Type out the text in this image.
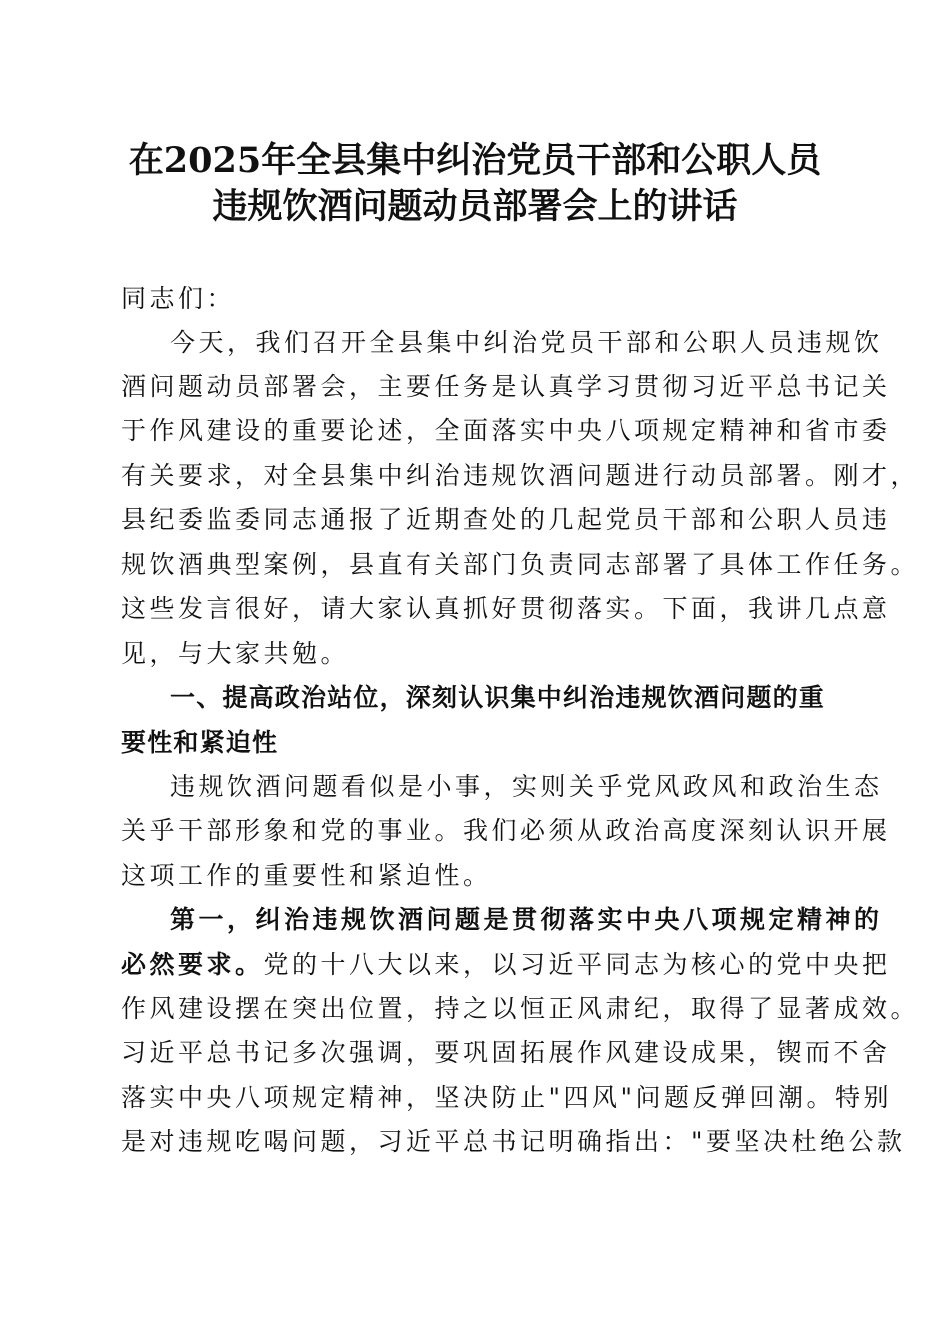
在2025年全县集中纠治党员干部和公职人员
违规饮酒问题动员部署会上的讲话
同志们：
今天，我们召开全县集中纠治党员干部和公职人员违规饮
酒问题动员部署会，主要任务是认真学习贯彻习近平总书记关
于作风建设的重要论述，全面落实中央八项规定精神和省市委
有关要求，对全县集中纠治违规饮酒问题进行动员部署。刚才，
县纪委监委同志通报了近期查处的几起党员干部和公职人员违
规饮酒典型案例，县直有关部门负责同志部署了具体工作任务。
这些发言很好，请大家认真抓好贯彻落实。下面，我讲几点意
见，与大家共勉。
一、提高政治站位，深刻认识集中纠治违规饮酒问题的重
要性和紧迫性
违规饮酒问题看似是小事，实则关乎党风政风和政治生态
关乎干部形象和党的事业。我们必须从政治高度深刻认识开展
这项工作的重要性和紧迫性。
第一，纠治违规饮酒问题是贯彻落实中央八项规定精神的
必然要求。党的十八大以来，以习近平同志为核心的党中央把
作风建设摆在突出位置，持之以恒正风肃纪，取得了显著成效。
习近平总书记多次强调，要巩固拓展作风建设成果，锲而不舍
落实中央八项规定精神，坚决防止"四风"问题反弹回潮。特别
是对违规吃喝问题，习近平总书记明确指出："要坚决杜绝公款
